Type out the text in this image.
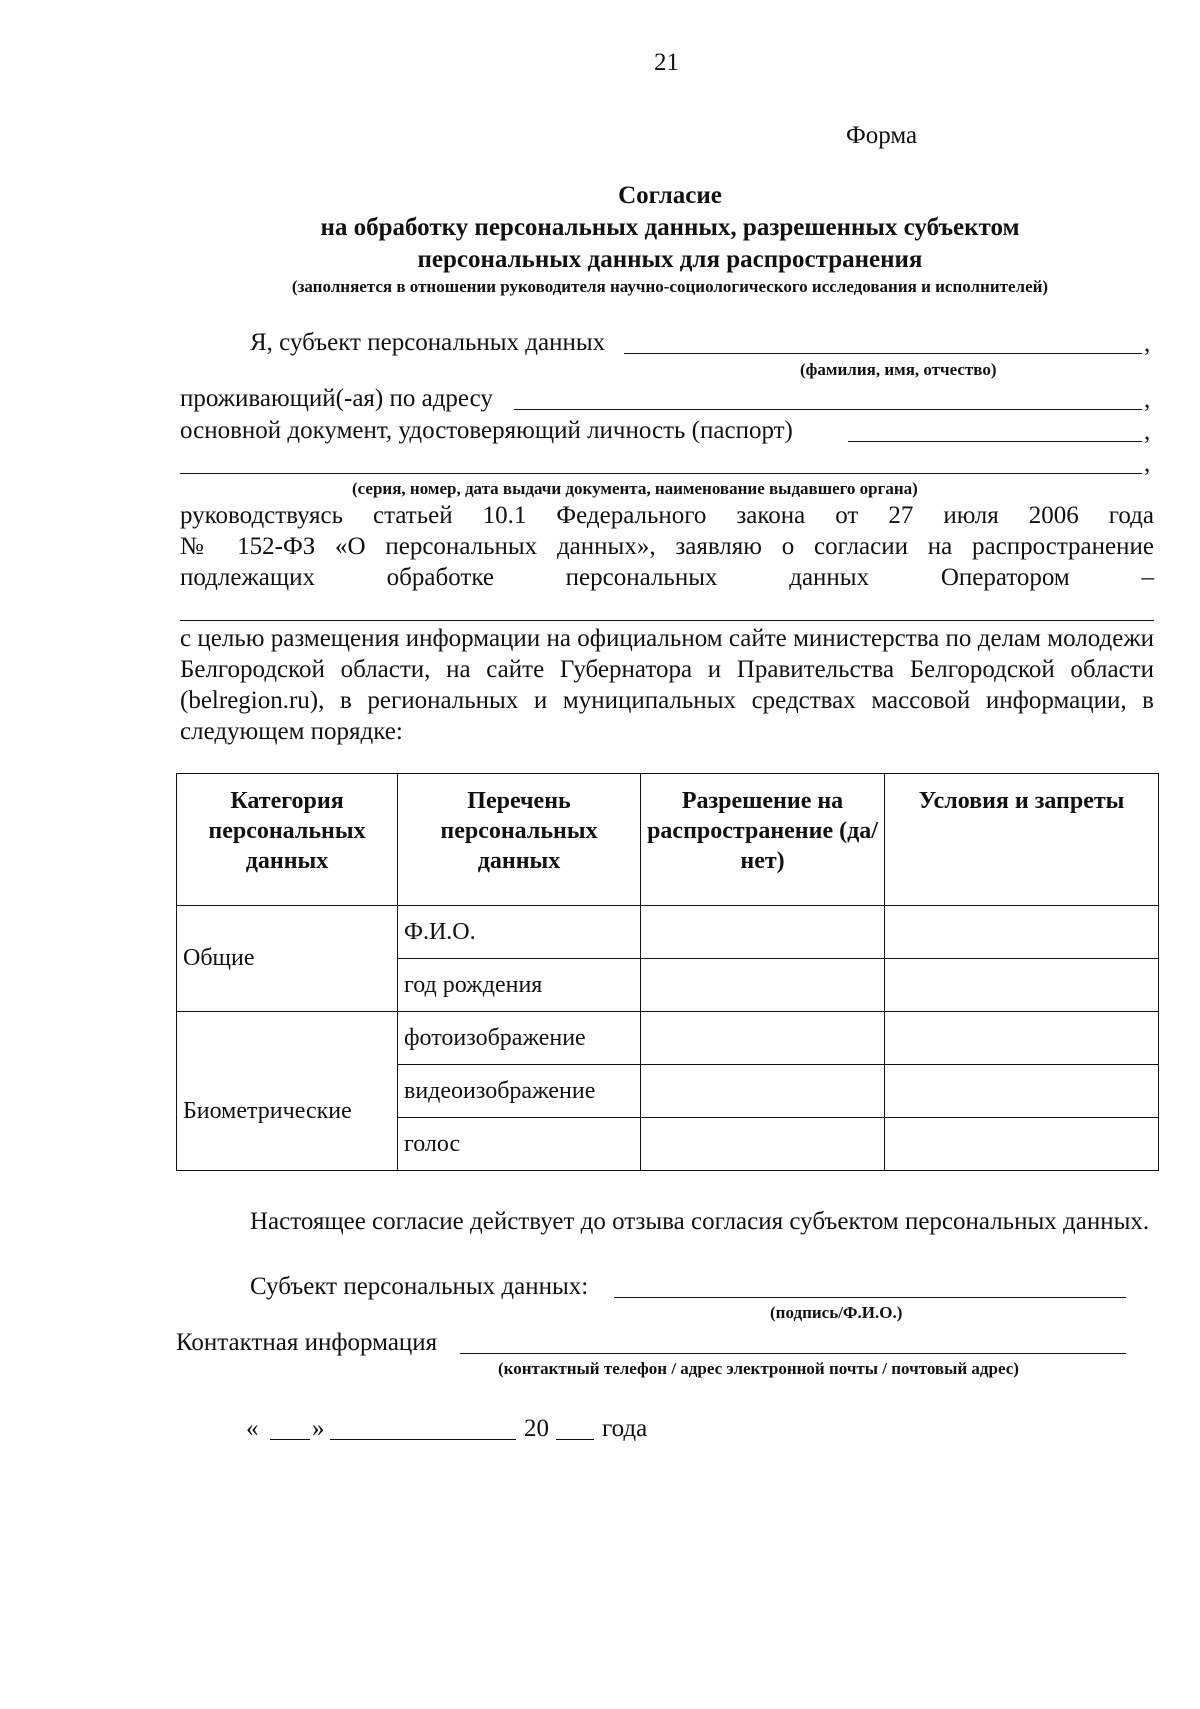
21
Форма
Согласие
на обработку персональных данных, разрешенных субъектом
персональных данных для распространения
(заполняется в отношении руководителя научно-социологического исследования и исполнителей)
Я, субъект персональных данных	,
(фамилия, имя, отчество)
проживающий(-ая) по адресу	,
основной документ, удостоверяющий личность (паспорт)	,
,
(серия, номер, дата выдачи документа, наименование выдавшего органа)
руководствуясь статьей 10.1 Федерального закона от 27 июля 2006 года
№ 152-ФЗ «О персональных данных», заявляю о согласии на распространение
подлежащих обработке персональных данных Оператором –
с целью размещения информации на официальном сайте министерства по делам молодежи Белгородской области, на сайте Губернатора и Правительства Белгородской области (belregion.ru), в региональных и муниципальных средствах массовой информации, в следующем порядке:
Категория персональных данных	Перечень персональных данных	Разрешение на распространение (да/нет)	Условия и запреты
Общие	Ф.И.О.		
	год рождения		
Биометрические	фотоизображение		
	видеоизображение		
	голос		
Настоящее согласие действует до отзыва согласия субъектом персональных данных.
Субъект персональных данных:
(подпись/Ф.И.О.)
Контактная информация
(контактный телефон / адрес электронной почты / почтовый адрес)
« »	20 года
